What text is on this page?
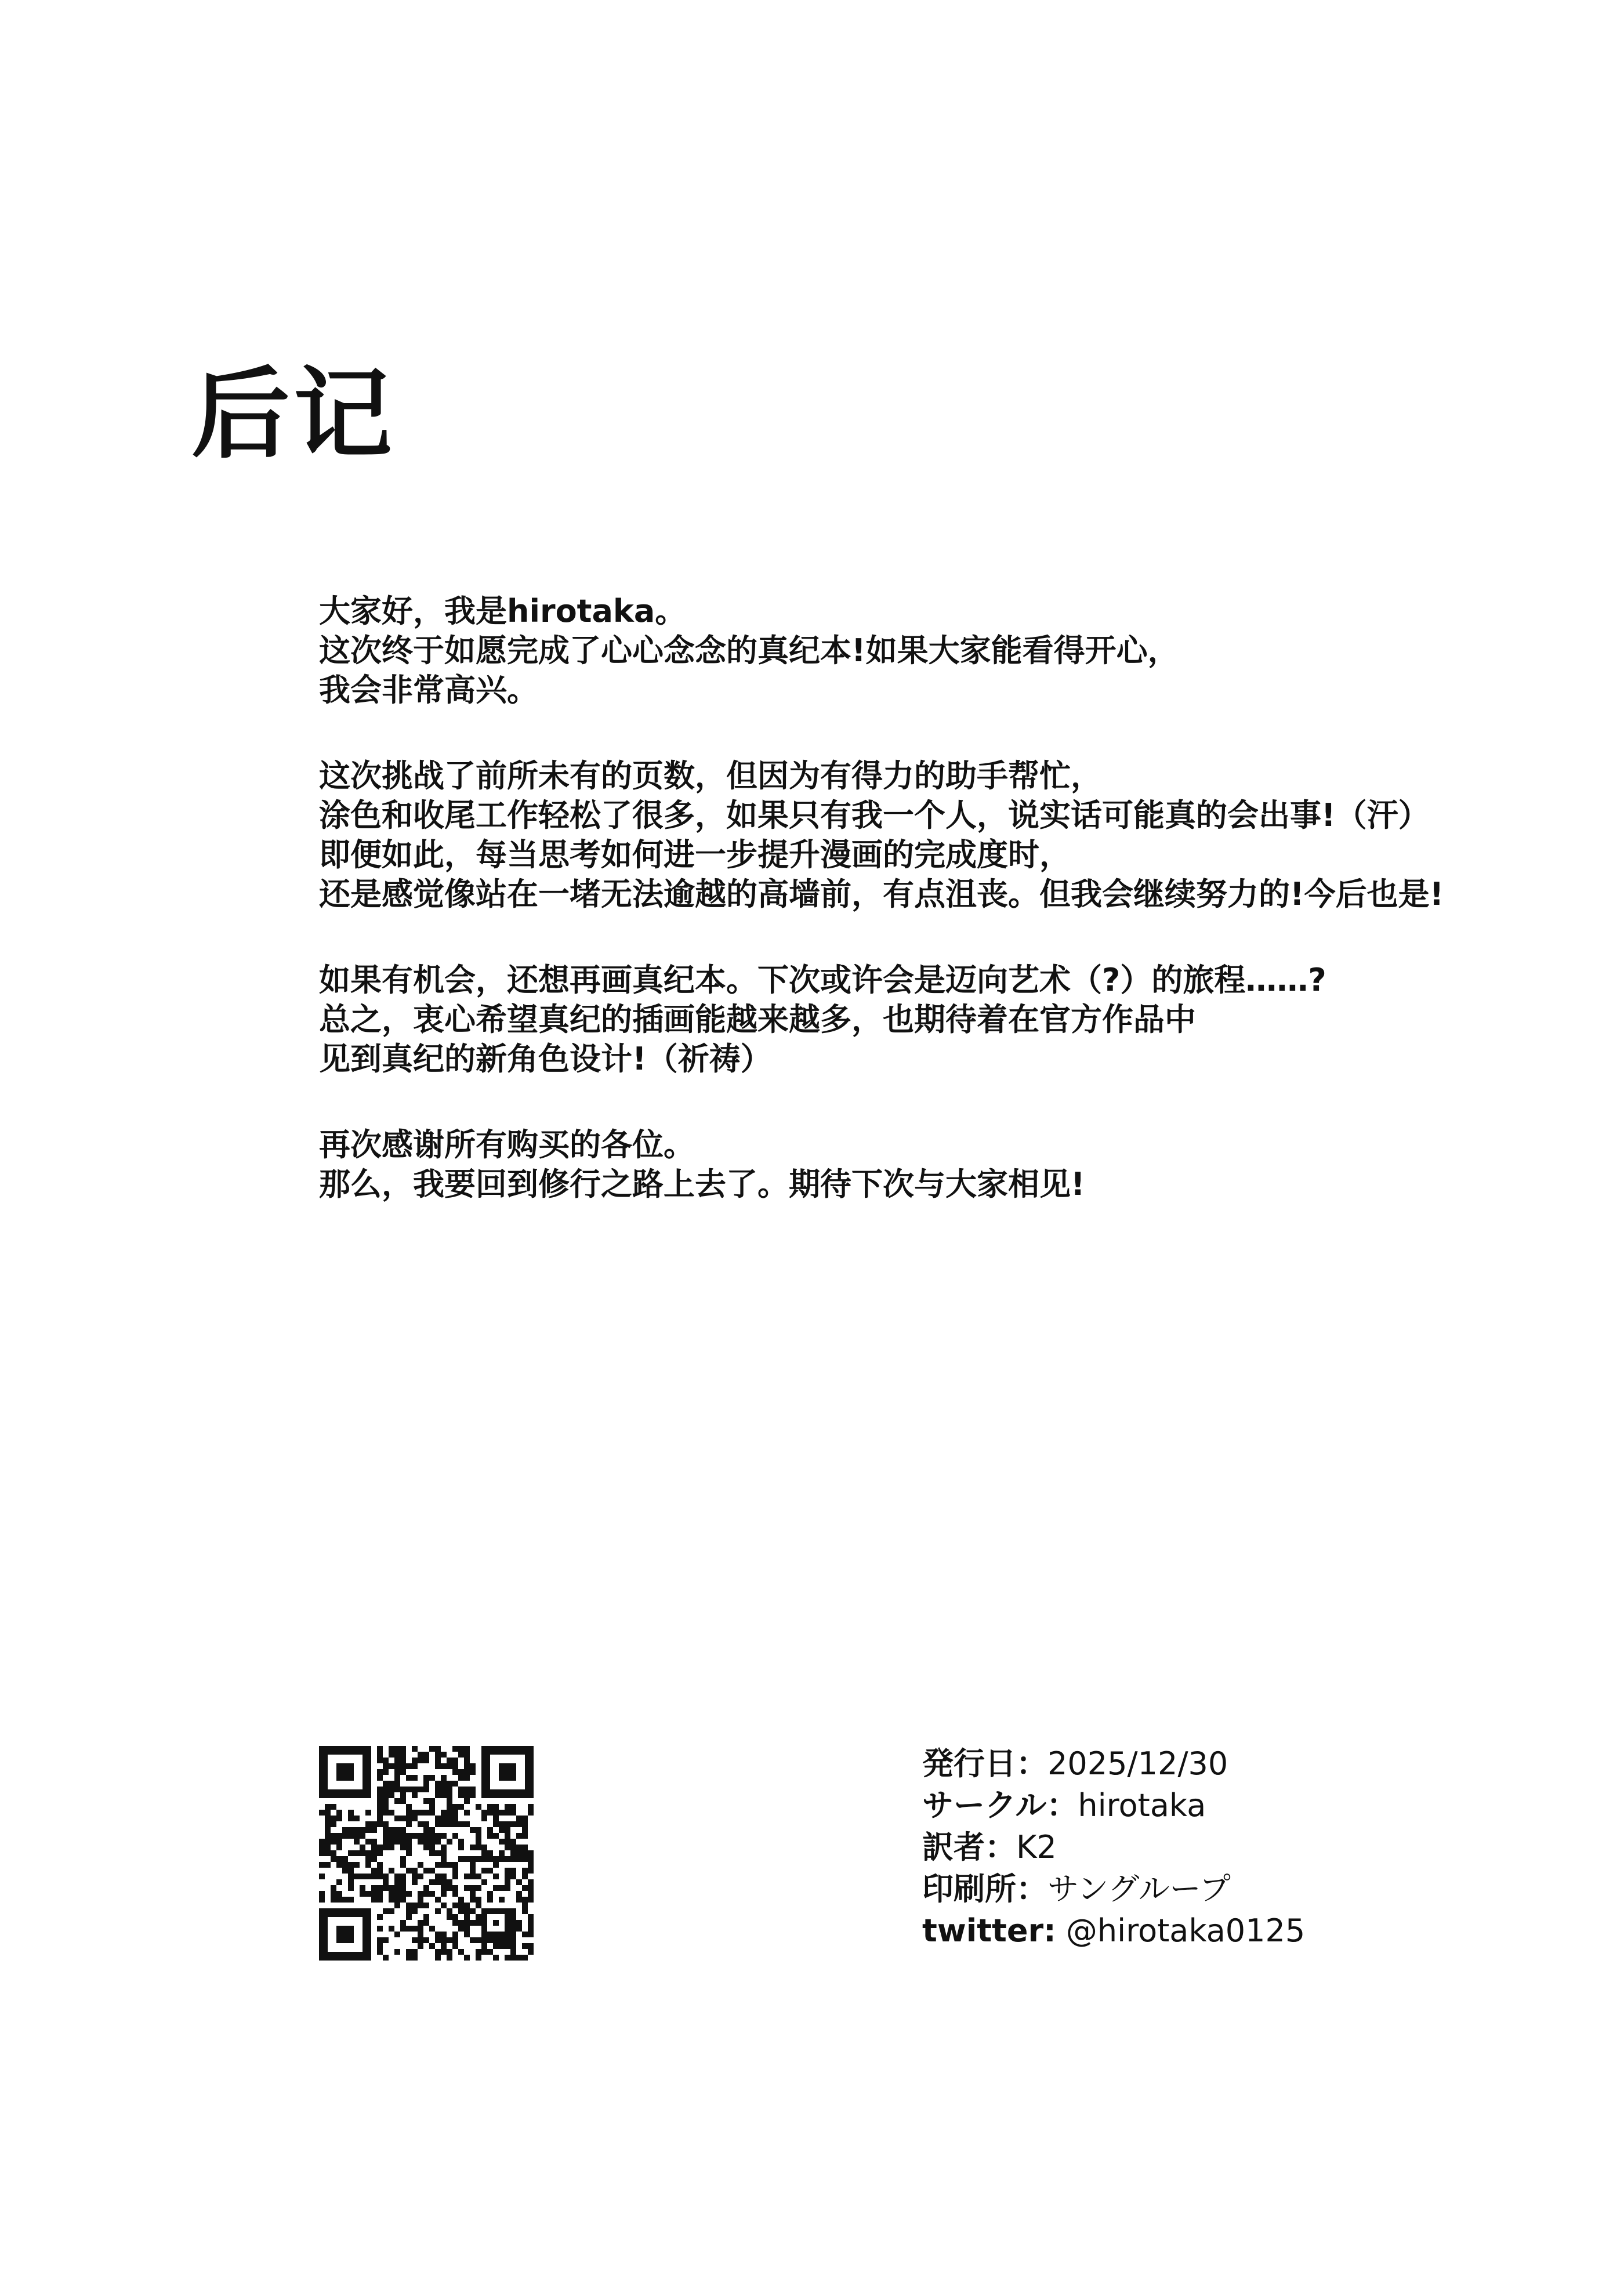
后记
大家好，我是hirotaka。
这次终于如愿完成了心心念念的真纪本!如果大家能看得开心，
我会非常高兴。
这次挑战了前所未有的页数，但因为有得力的助手帮忙，
涂色和收尾工作轻松了很多，如果只有我一个人，说实话可能真的会出事!（汗）
即便如此，每当思考如何进一步提升漫画的完成度时，
还是感觉像站在一堵无法逾越的高墙前，有点沮丧。但我会继续努力的!今后也是!
如果有机会，还想再画真纪本。下次或许会是迈向艺术（?）的旅程……?
总之，衷心希望真纪的插画能越来越多，也期待着在官方作品中
见到真纪的新角色设计!（祈祷）
再次感谢所有购买的各位。
那么，我要回到修行之路上去了。期待下次与大家相见!
発行日：2025/12/30
サークル：hirotaka
訳者：K2
印刷所：サングループ
twitter: @hirotaka0125
